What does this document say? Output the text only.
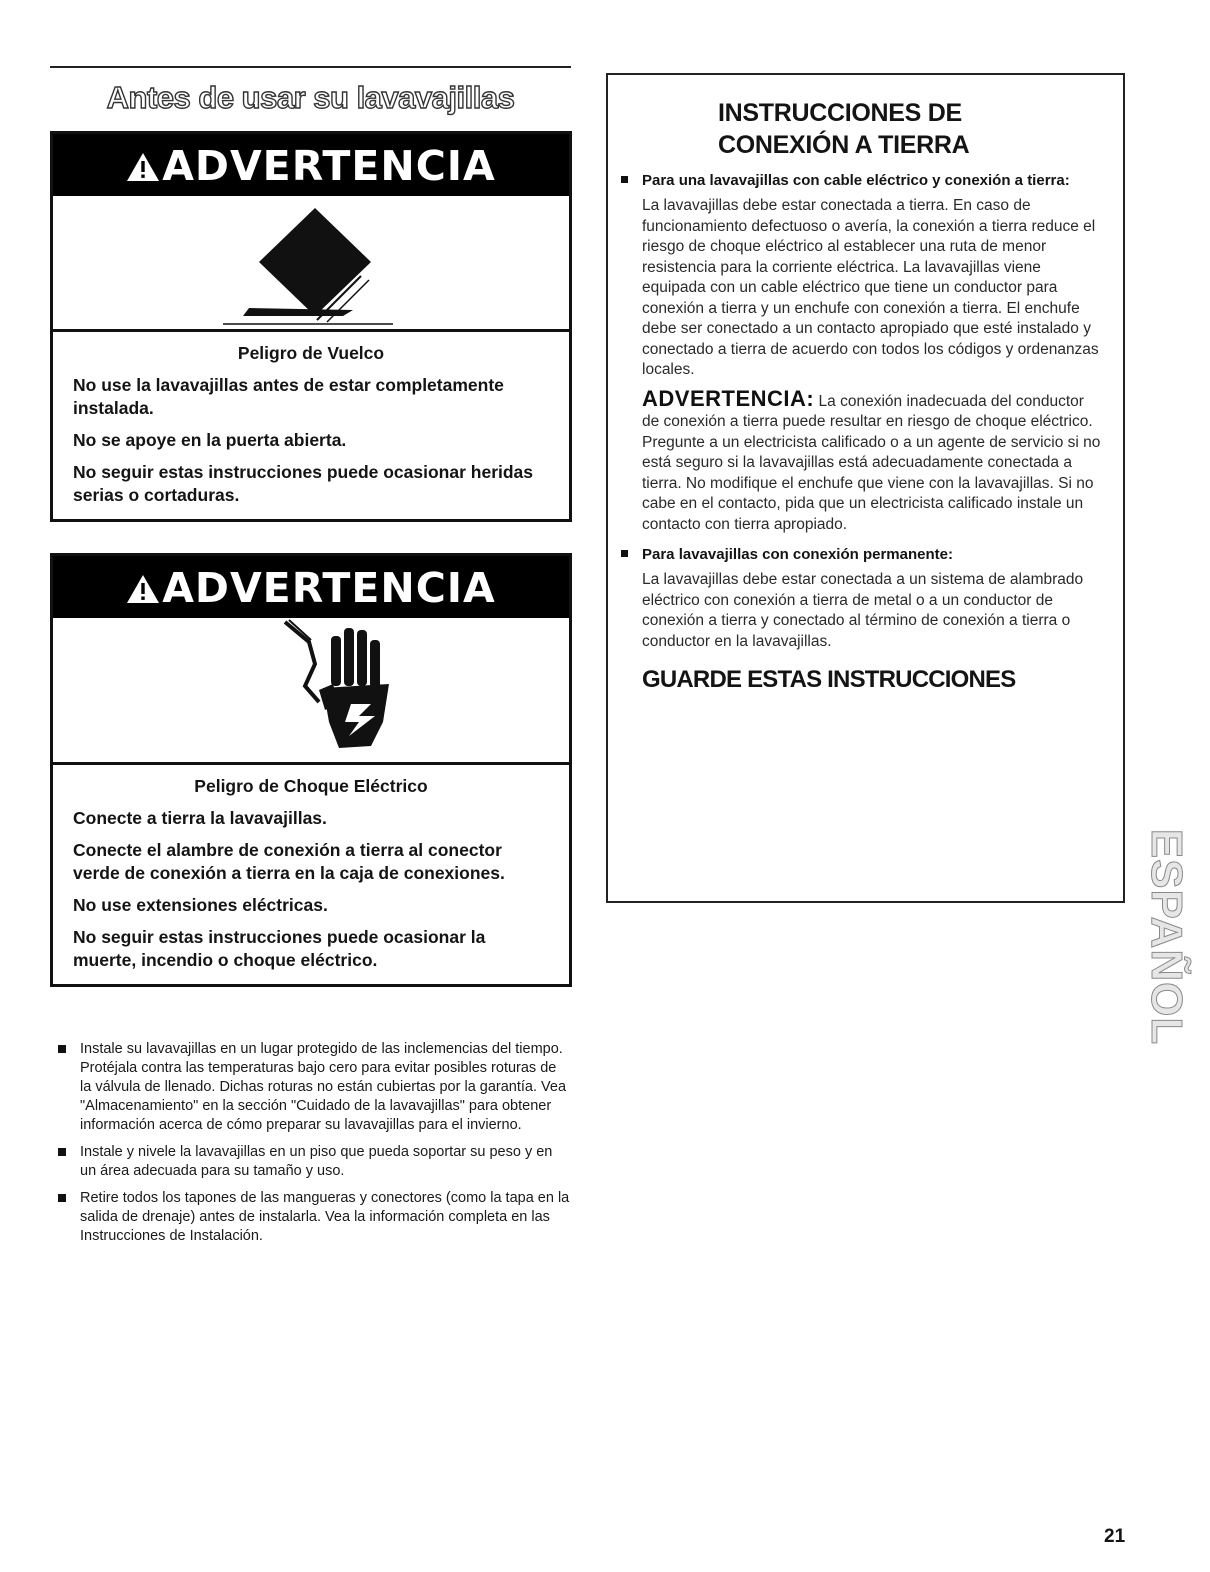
Antes de usar su lavavajillas
ADVERTENCIA

Peligro de Vuelco

No use la lavavajillas antes de estar completamente instalada.

No se apoye en la puerta abierta.

No seguir estas instrucciones puede ocasionar heridas serias o cortaduras.

ADVERTENCIA

Peligro de Choque Eléctrico

Conecte a tierra la lavavajillas.

Conecte el alambre de conexión a tierra al conector verde de conexión a tierra en la caja de conexiones.

No use extensiones eléctricas.

No seguir estas instrucciones puede ocasionar la muerte, incendio o choque eléctrico.

Instale su lavavajillas en un lugar protegido de las inclemencias del tiempo. Protéjala contra las temperaturas bajo cero para evitar posibles roturas de la válvula de llenado. Dichas roturas no están cubiertas por la garantía. Vea "Almacenamiento" en la sección "Cuidado de la lavavajillas" para obtener información acerca de cómo preparar su lavavajillas para el invierno.
Instale y nivele la lavavajillas en un piso que pueda soportar su peso y en un área adecuada para su tamaño y uso.
Retire todos los tapones de las mangueras y conectores (como la tapa en la salida de drenaje) antes de instalarla. Vea la información completa en las Instrucciones de Instalación.
INSTRUCCIONES DE
CONEXIÓN A TIERRA
Para una lavavajillas con cable eléctrico y conexión a tierra:

La lavavajillas debe estar conectada a tierra. En caso de funcionamiento defectuoso o avería, la conexión a tierra reduce el riesgo de choque eléctrico al establecer una ruta de menor resistencia para la corriente eléctrica. La lavavajillas viene equipada con un cable eléctrico que tiene un conductor para conexión a tierra y un enchufe con conexión a tierra. El enchufe debe ser conectado a un contacto apropiado que esté instalado y conectado a tierra de acuerdo con todos los códigos y ordenanzas locales.

ADVERTENCIA: La conexión inadecuada del conductor de conexión a tierra puede resultar en riesgo de choque eléctrico. Pregunte a un electricista calificado o a un agente de servicio si no está seguro si la lavavajillas está adecuadamente conectada a tierra. No modifique el enchufe que viene con la lavavajillas. Si no cabe en el contacto, pida que un electricista calificado instale un contacto con tierra apropiado.

Para lavavajillas con conexión permanente:

La lavavajillas debe estar conectada a un sistema de alambrado eléctrico con conexión a tierra de metal o a un conductor de conexión a tierra y conectado al término de conexión a tierra o conductor en la lavavajillas.

GUARDE ESTAS INSTRUCCIONES
ESPAÑOL
21
